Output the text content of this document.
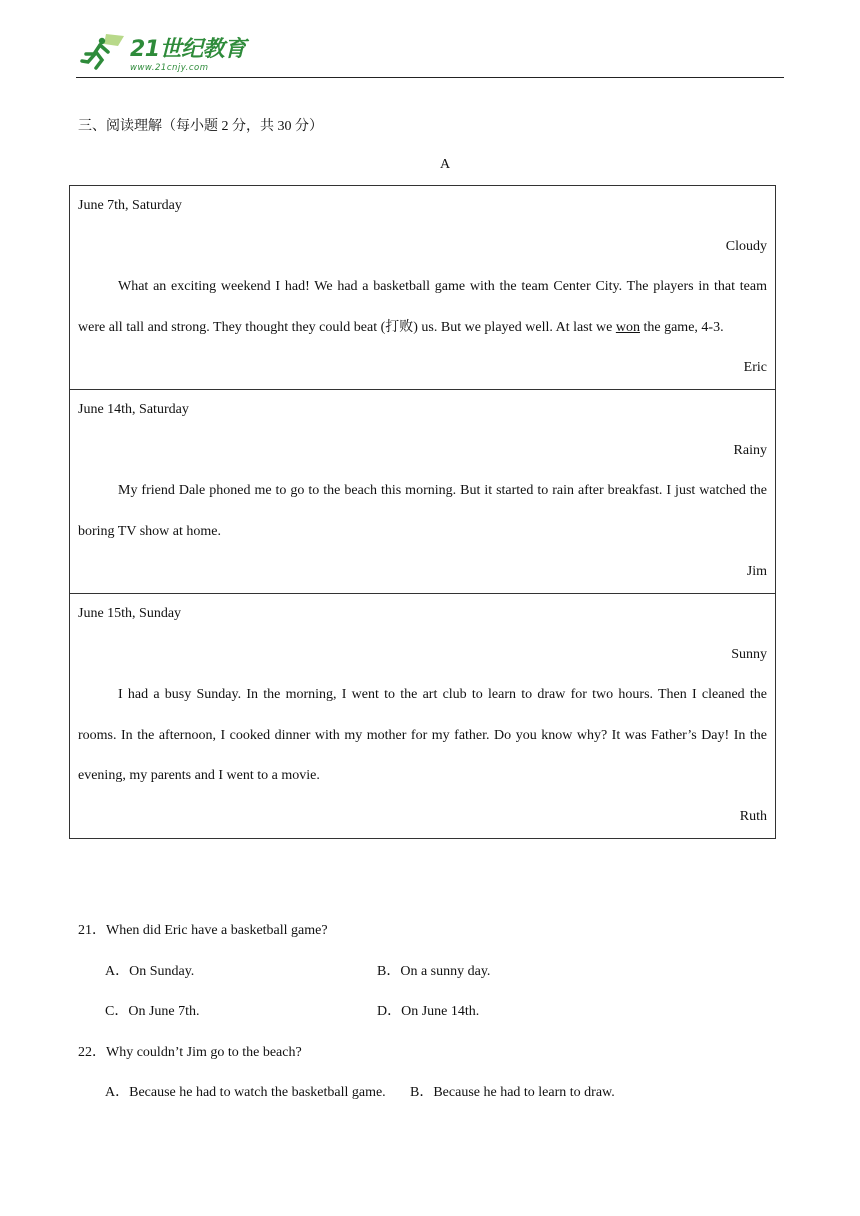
21世纪教育
www.21cnjy.com
三、阅读理解（每小题 2 分，共 30 分）
A
June 7th, Saturday
Cloudy
What an exciting weekend I had! We had a basketball game with the team Center City. The players in that team were all tall and strong. They thought they could beat (打败) us. But we played well. At last we won the game, 4-3.
Eric
June 14th, Saturday
Rainy
My friend Dale phoned me to go to the beach this morning. But it started to rain after breakfast. I just watched the boring TV show at home.
Jim
June 15th, Sunday
Sunny
I had a busy Sunday. In the morning, I went to the art club to learn to draw for two hours. Then I cleaned the rooms. In the afternoon, I cooked dinner with my mother for my father. Do you know why? It was Father’s Day! In the evening, my parents and I went to a movie.
Ruth
21．When did Eric have a basketball game?
A．On Sunday.	B．On a sunny day.
C．On June 7th.	D．On June 14th.
22．Why couldn’t Jim go to the beach?
A．Because he had to watch the basketball game. B．Because he had to learn to draw.
